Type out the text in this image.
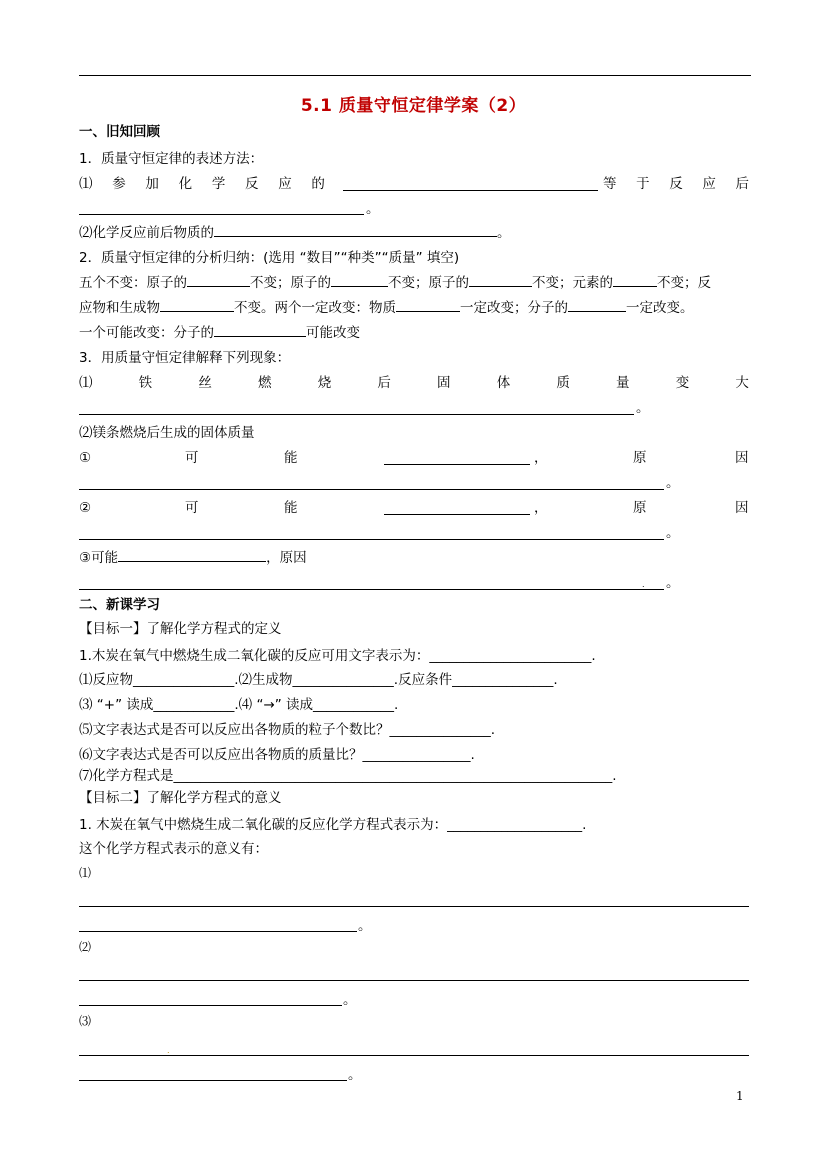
5.1 质量守恒定律学案（2）
一、旧知回顾
1．质量守恒定律的表述方法：
⑴ 参 加 化 学 反 应 的	等 于 反 应 后
。
⑵化学反应前后物质的	。
2．质量守恒定律的分析归纳：(选用 “数目”“种类”“质量” 填空)
五个不变：原子的	不变；原子的	不变；原子的	不变；元素的	不变；反
应物和生成物	不变。两个一定改变：物质	一定改变；分子的	一定改变。
一个可能改变：分子的	可能改变
3．用质量守恒定律解释下列现象：
⑴	铁	丝	燃	烧	后	固	体	质	量	变	大
。
⑵镁条燃烧后生成的固体质量
①	可	能	，	原	因
。
②	可	能	，	原	因
。
③可能	，原因
。
.
二、新课学习
【目标一】了解化学方程式的定义
1.木炭在氧气中燃烧生成二氧化碳的反应可用文字表示为：________________________.
⑴反应物_______________.⑵生成物_______________.反应条件_______________.
⑶ “+” 读成____________.⑷ “→” 读成____________.
⑸文字表达式是否可以反应出各物质的粒子个数比？_______________.
⑹文字表达式是否可以反应出各物质的质量比？________________.
⑺化学方程式是_________________________________________________________________.
【目标二】了解化学方程式的意义
1. 木炭在氧气中燃烧生成二氧化碳的反应化学方程式表示为：____________________.
这个化学方程式表示的意义有：
⑴
。
⑵
。
⑶
.
。
1
